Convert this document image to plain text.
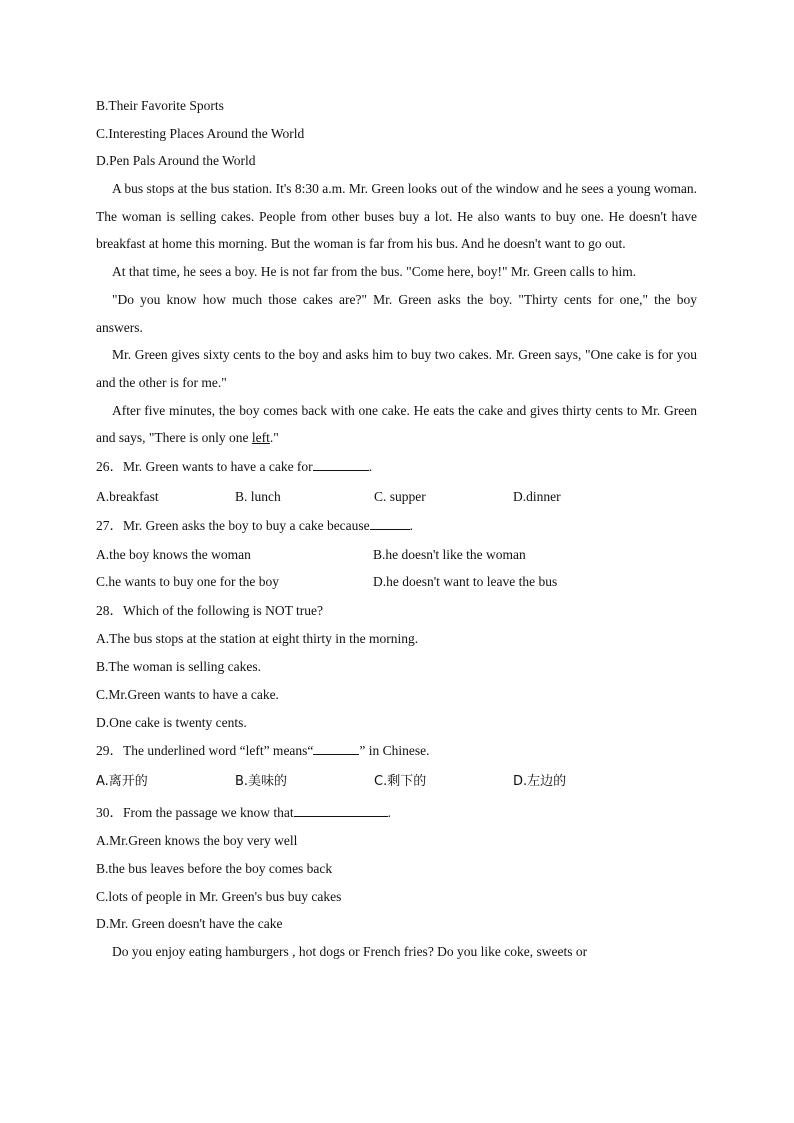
B.Their Favorite Sports
C.Interesting Places Around the World
D.Pen Pals Around the World

A bus stops at the bus station. It's 8:30 a.m. Mr. Green looks out of the window and he sees a young woman. The woman is selling cakes. People from other buses buy a lot. He also wants to buy one. He doesn't have breakfast at home this morning. But the woman is far from his bus. And he doesn't want to go out.

At that time, he sees a boy. He is not far from the bus. "Come here, boy!" Mr. Green calls to him.

"Do you know how much those cakes are?" Mr. Green asks the boy. "Thirty cents for one," the boy answers.

Mr. Green gives sixty cents to the boy and asks him to buy two cakes. Mr. Green says, "One cake is for you and the other is for me."

After five minutes, the boy comes back with one cake. He eats the cake and gives thirty cents to Mr. Green and says, "There is only one left."

26．Mr. Green wants to have a cake for	.
A.breakfast	B. lunch	C. supper	D.dinner
27．Mr. Green asks the boy to buy a cake because	.
A.the boy knows the woman	B.he doesn't like the woman
C.he wants to buy one for the boy	D.he doesn't want to leave the bus
28．Which of the following is NOT true?
A.The bus stops at the station at eight thirty in the morning.
B.The woman is selling cakes.
C.Mr.Green wants to have a cake.
D.One cake is twenty cents.
29．The underlined word “left” means“	” in Chinese.
A.离开的	B.美味的	C.剩下的	D.左边的
30．From the passage we know that	.
A.Mr.Green knows the boy very well
B.the bus leaves before the boy comes back
C.lots of people in Mr. Green's bus buy cakes
D.Mr. Green doesn't have the cake

Do you enjoy eating hamburgers , hot dogs or French fries? Do you like coke, sweets or
